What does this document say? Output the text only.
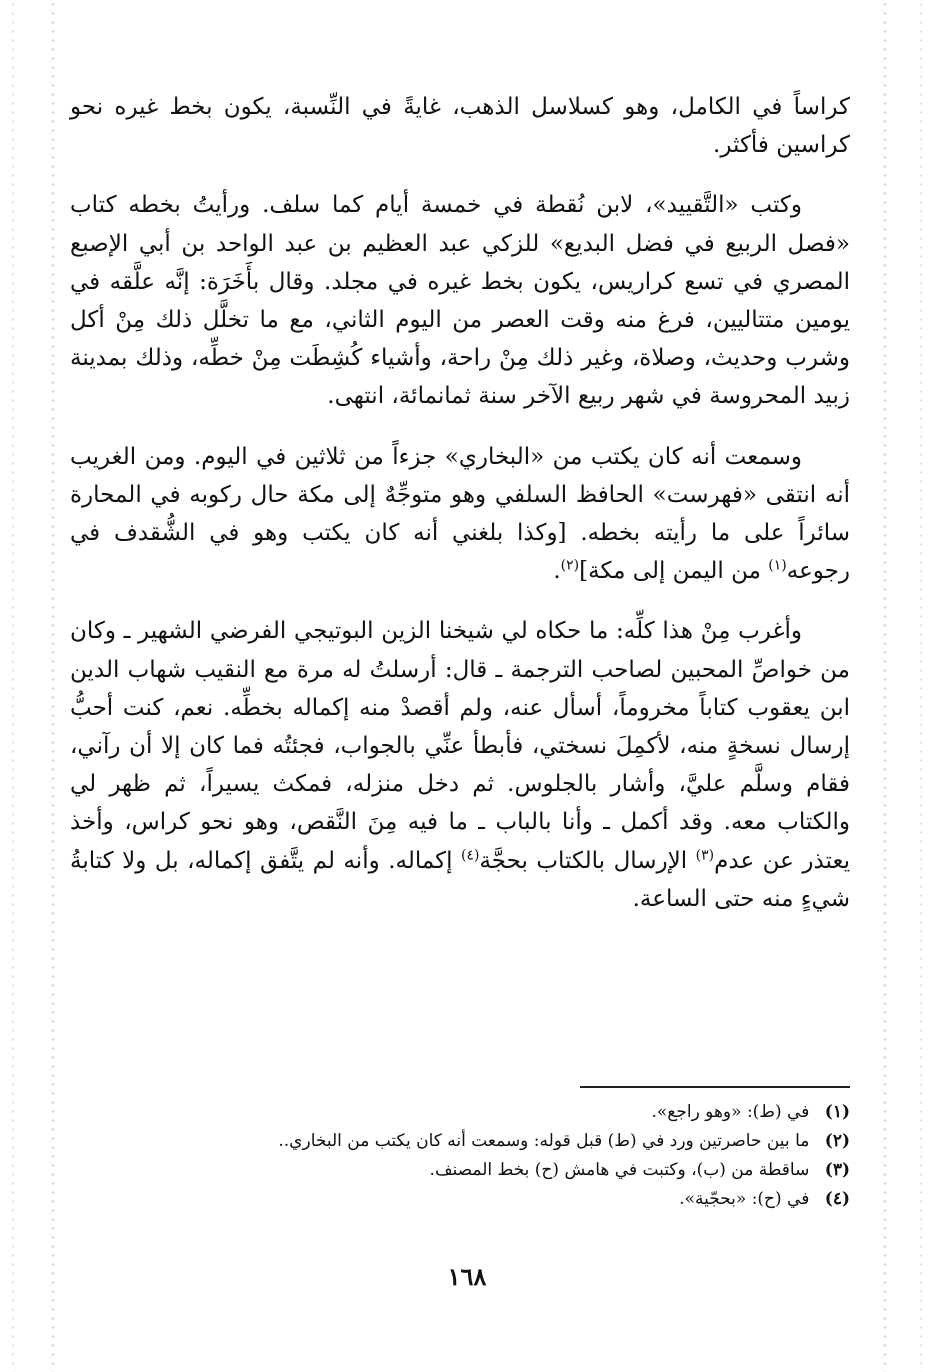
كراساً في الكامل، وهو كسلاسل الذهب، غايةً في النِّسبة، يكون بخط غيره نحو كراسين فأكثر.

وكتب «التَّقييد»، لابن نُقطة في خمسة أيام كما سلف. ورأيتُ بخطه كتاب «فصل الربيع في فضل البديع» للزكي عبد العظيم بن عبد الواحد بن أبي الإصبع المصري في تسع كراريس، يكون بخط غيره في مجلد. وقال بأَخَرَة: إنَّه علَّقه في يومين متتاليين، فرغ منه وقت العصر من اليوم الثاني، مع ما تخلَّل ذلك مِنْ أكل وشرب وحديث، وصلاة، وغير ذلك مِنْ راحة، وأشياء كُشِطَت مِنْ خطِّه، وذلك بمدينة زبيد المحروسة في شهر ربيع الآخر سنة ثمانمائة، انتهى.

وسمعت أنه كان يكتب من «البخاري» جزءاً من ثلاثين في اليوم. ومن الغريب أنه انتقى «فهرست» الحافظ السلفي وهو متوجِّهٌ إلى مكة حال ركوبه في المحارة سائراً على ما رأيته بخطه. [وكذا بلغني أنه كان يكتب وهو في الشُّقدف في رجوعه$^{(١)}$ من اليمن إلى مكة]$^{(٢)}$.

وأغرب مِنْ هذا كلِّه: ما حكاه لي شيخنا الزين البوتيجي الفرضي الشهير ـ وكان من خواصِّ المحبين لصاحب الترجمة ـ قال: أرسلتُ له مرة مع النقيب شهاب الدين ابن يعقوب كتاباً مخروماً، أسأل عنه، ولم أقصدْ منه إكماله بخطِّه. نعم، كنت أحبُّ إرسال نسخةٍ منه، لأكمِلَ نسختي، فأبطأ عنِّي بالجواب، فجئتُه فما كان إلا أن رآني، فقام وسلَّم عليَّ، وأشار بالجلوس. ثم دخل منزله، فمكث يسيراً، ثم ظهر لي والكتاب معه. وقد أكمل ـ وأنا بالباب ـ ما فيه مِنَ النَّقص، وهو نحو كراس، وأخذ يعتذر عن عدم$^{(٣)}$ الإرسال بالكتاب بحجَّة$^{(٤)}$ إكماله. وأنه لم يتَّفق إكماله، بل ولا كتابةُ شيءٍ منه حتى الساعة.

(١) في (ط): «وهو راجع».
(٢) ما بين حاصرتين ورد في (ط) قبل قوله: وسمعت أنه كان يكتب من البخاري..
(٣) ساقطة من (ب)، وكتبت في هامش (ح) بخط المصنف.
(٤) في (ح): «بحجّية».
١٦٨
